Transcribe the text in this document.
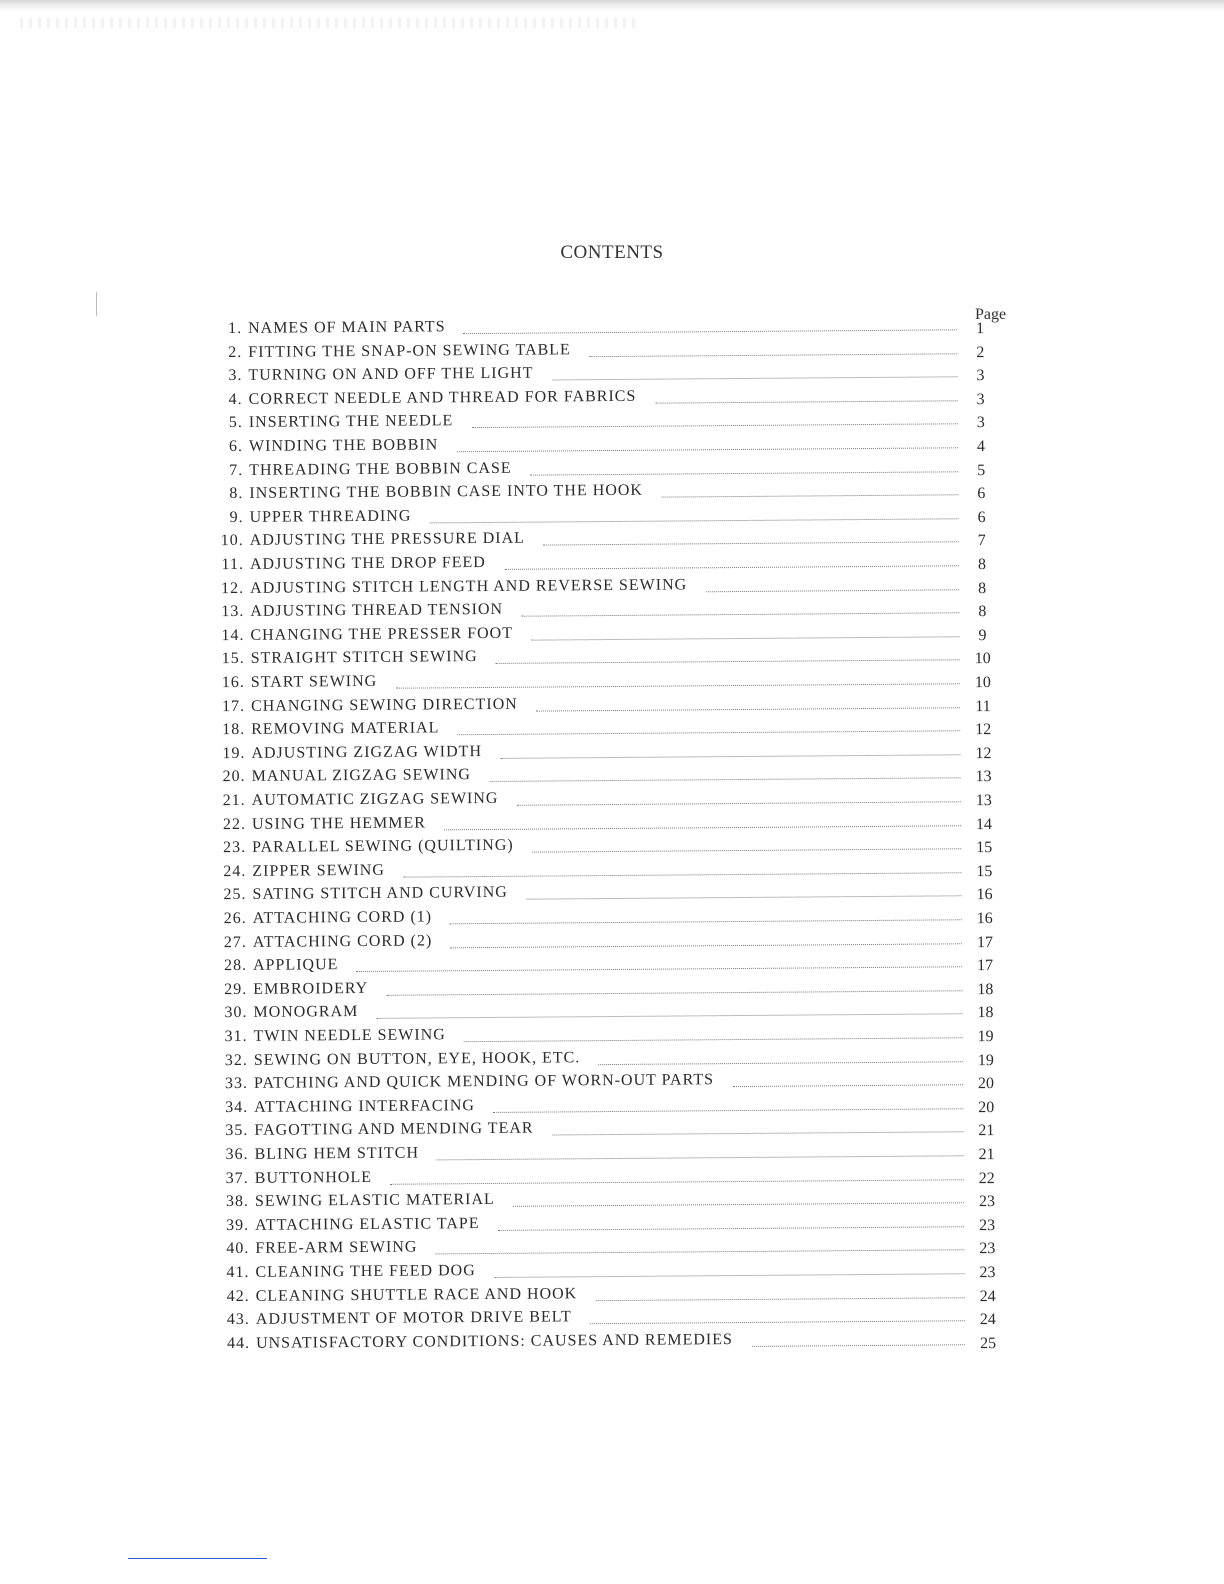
CONTENTS
Page
1. NAMES OF MAIN PARTS	1
2. FITTING THE SNAP-ON SEWING TABLE	2
3. TURNING ON AND OFF THE LIGHT	3
4. CORRECT NEEDLE AND THREAD FOR FABRICS	3
5. INSERTING THE NEEDLE	3
6. WINDING THE BOBBIN	4
7. THREADING THE BOBBIN CASE	5
8. INSERTING THE BOBBIN CASE INTO THE HOOK	6
9. UPPER THREADING	6
10. ADJUSTING THE PRESSURE DIAL	7
11. ADJUSTING THE DROP FEED	8
12. ADJUSTING STITCH LENGTH AND REVERSE SEWING	8
13. ADJUSTING THREAD TENSION	8
14. CHANGING THE PRESSER FOOT	9
15. STRAIGHT STITCH SEWING	10
16. START SEWING	10
17. CHANGING SEWING DIRECTION	11
18. REMOVING MATERIAL	12
19. ADJUSTING ZIGZAG WIDTH	12
20. MANUAL ZIGZAG SEWING	13
21. AUTOMATIC ZIGZAG SEWING	13
22. USING THE HEMMER	14
23. PARALLEL SEWING (QUILTING)	15
24. ZIPPER SEWING	15
25. SATING STITCH AND CURVING	16
26. ATTACHING CORD (1)	16
27. ATTACHING CORD (2)	17
28. APPLIQUE	17
29. EMBROIDERY	18
30. MONOGRAM	18
31. TWIN NEEDLE SEWING	19
32. SEWING ON BUTTON, EYE, HOOK, ETC.	19
33. PATCHING AND QUICK MENDING OF WORN-OUT PARTS	20
34. ATTACHING INTERFACING	20
35. FAGOTTING AND MENDING TEAR	21
36. BLING HEM STITCH	21
37. BUTTONHOLE	22
38. SEWING ELASTIC MATERIAL	23
39. ATTACHING ELASTIC TAPE	23
40. FREE-ARM SEWING	23
41. CLEANING THE FEED DOG	23
42. CLEANING SHUTTLE RACE AND HOOK	24
43. ADJUSTMENT OF MOTOR DRIVE BELT	24
44. UNSATISFACTORY CONDITIONS: CAUSES AND REMEDIES	25
